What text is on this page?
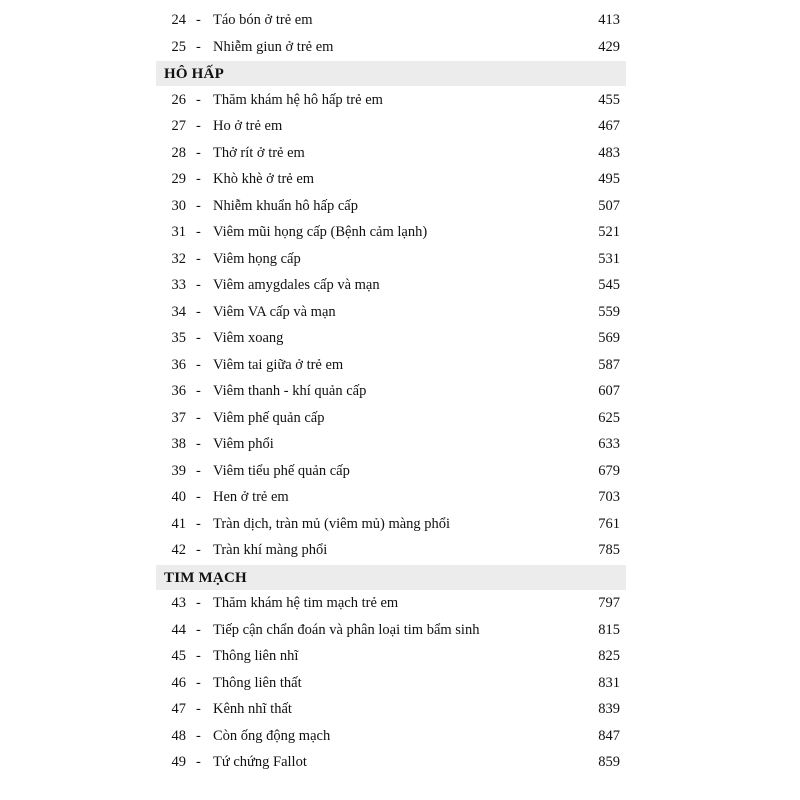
24 - Táo bón ở trẻ em	413
25 - Nhiễm giun ở trẻ em	429
HÔ HẤP
26 - Thăm khám hệ hô hấp trẻ em	455
27 - Ho ở trẻ em	467
28 - Thở rít ở trẻ em	483
29 - Khò khè ở trẻ em	495
30 - Nhiễm khuẩn hô hấp cấp	507
31 - Viêm mũi họng cấp (Bệnh cảm lạnh)	521
32 - Viêm họng cấp	531
33 - Viêm amygdales cấp và mạn	545
34 - Viêm VA cấp và mạn	559
35 - Viêm xoang	569
36 - Viêm tai giữa ở trẻ em	587
36 - Viêm thanh - khí quản cấp	607
37 - Viêm phế quản cấp	625
38 - Viêm phổi	633
39 - Viêm tiểu phế quản cấp	679
40 - Hen ở trẻ em	703
41 - Tràn dịch, tràn mủ (viêm mủ) màng phổi	761
42 - Tràn khí màng phổi	785
TIM MẠCH
43 - Thăm khám hệ tim mạch trẻ em	797
44 - Tiếp cận chẩn đoán và phân loại tim bẩm sinh	815
45 - Thông liên nhĩ	825
46 - Thông liên thất	831
47 - Kênh nhĩ thất	839
48 - Còn ống động mạch	847
49 - Tứ chứng Fallot	859
